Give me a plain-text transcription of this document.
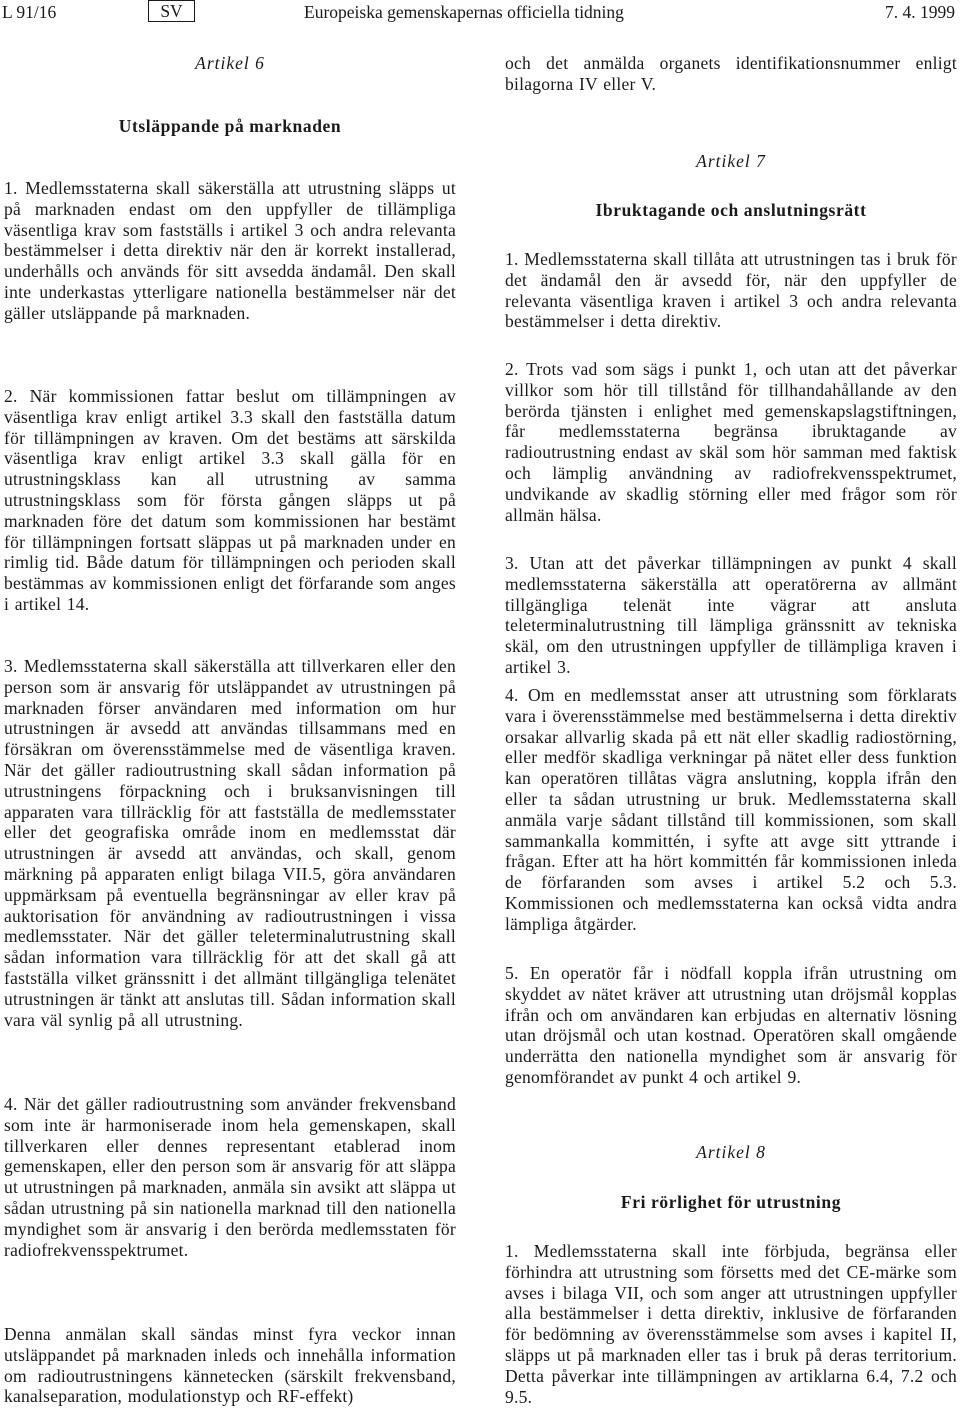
L 91/16	SV	Europeiska gemenskapernas officiella tidning	7. 4. 1999
Artikel 6
Utsläppande på marknaden

1. Medlemsstaterna skall säkerställa att utrustning släpps ut på marknaden endast om den uppfyller de tillämpliga väsentliga krav som fastställs i artikel 3 och andra relevanta bestämmelser i detta direktiv när den är korrekt installerad, underhålls och används för sitt avsedda ändamål. Den skall inte underkastas ytterligare nationella bestämmelser när det gäller utsläppande på marknaden.

2. När kommissionen fattar beslut om tillämpningen av väsentliga krav enligt artikel 3.3 skall den fastställa datum för tillämpningen av kraven. Om det bestäms att särskilda väsentliga krav enligt artikel 3.3 skall gälla för en utrustningsklass kan all utrustning av samma utrustningsklass som för första gången släpps ut på marknaden före det datum som kommissionen har bestämt för tillämpningen fortsatt släppas ut på marknaden under en rimlig tid. Både datum för tillämpningen och perioden skall bestämmas av kommissionen enligt det förfarande som anges i artikel 14.

3. Medlemsstaterna skall säkerställa att tillverkaren eller den person som är ansvarig för utsläppandet av utrustningen på marknaden förser användaren med information om hur utrustningen är avsedd att användas tillsammans med en försäkran om överensstämmelse med de väsentliga kraven. När det gäller radioutrustning skall sådan information på utrustningens förpackning och i bruksanvisningen till apparaten vara tillräcklig för att fastställa de medlemsstater eller det geografiska område inom en medlemsstat där utrustningen är avsedd att användas, och skall, genom märkning på apparaten enligt bilaga VII.5, göra användaren uppmärksam på eventuella begränsningar av eller krav på auktorisation för användning av radioutrustningen i vissa medlemsstater. När det gäller teleterminalutrustning skall sådan information vara tillräcklig för att det skall gå att fastställa vilket gränssnitt i det allmänt tillgängliga telenätet utrustningen är tänkt att anslutas till. Sådan information skall vara väl synlig på all utrustning.

4. När det gäller radioutrustning som använder frekvensband som inte är harmoniserade inom hela gemenskapen, skall tillverkaren eller dennes representant etablerad inom gemenskapen, eller den person som är ansvarig för att släppa ut utrustningen på marknaden, anmäla sin avsikt att släppa ut sådan utrustning på sin nationella marknad till den nationella myndighet som är ansvarig i den berörda medlemsstaten för radiofrekvensspektrumet.

Denna anmälan skall sändas minst fyra veckor innan utsläppandet på marknaden inleds och innehålla information om radioutrustningens kännetecken (särskilt frekvensband, kanalseparation, modulationstyp och RF-effekt)

och det anmälda organets identifikationsnummer enligt bilagorna IV eller V.

Artikel 7
Ibruktagande och anslutningsrätt

1. Medlemsstaterna skall tillåta att utrustningen tas i bruk för det ändamål den är avsedd för, när den uppfyller de relevanta väsentliga kraven i artikel 3 och andra relevanta bestämmelser i detta direktiv.

2. Trots vad som sägs i punkt 1, och utan att det påverkar villkor som hör till tillstånd för tillhandahållande av den berörda tjänsten i enlighet med gemenskapslagstiftningen, får medlemsstaterna begränsa ibruktagande av radioutrustning endast av skäl som hör samman med faktisk och lämplig användning av radiofrekvensspektrumet, undvikande av skadlig störning eller med frågor som rör allmän hälsa.

3. Utan att det påverkar tillämpningen av punkt 4 skall medlemsstaterna säkerställa att operatörerna av allmänt tillgängliga telenät inte vägrar att ansluta teleterminalutrustning till lämpliga gränssnitt av tekniska skäl, om den utrustningen uppfyller de tillämpliga kraven i artikel 3.

4. Om en medlemsstat anser att utrustning som förklarats vara i överensstämmelse med bestämmelserna i detta direktiv orsakar allvarlig skada på ett nät eller skadlig radiostörning, eller medför skadliga verkningar på nätet eller dess funktion kan operatören tillåtas vägra anslutning, koppla ifrån den eller ta sådan utrustning ur bruk. Medlemsstaterna skall anmäla varje sådant tillstånd till kommissionen, som skall sammankalla kommittén, i syfte att avge sitt yttrande i frågan. Efter att ha hört kommittén får kommissionen inleda de förfaranden som avses i artikel 5.2 och 5.3. Kommissionen och medlemsstaterna kan också vidta andra lämpliga åtgärder.

5. En operatör får i nödfall koppla ifrån utrustning om skyddet av nätet kräver att utrustning utan dröjsmål kopplas ifrån och om användaren kan erbjudas en alternativ lösning utan dröjsmål och utan kostnad. Operatören skall omgående underrätta den nationella myndighet som är ansvarig för genomförandet av punkt 4 och artikel 9.

Artikel 8
Fri rörlighet för utrustning

1. Medlemsstaterna skall inte förbjuda, begränsa eller förhindra att utrustning som försetts med det CE-märke som avses i bilaga VII, och som anger att utrustningen uppfyller alla bestämmelser i detta direktiv, inklusive de förfaranden för bedömning av överensstämmelse som avses i kapitel II, släpps ut på marknaden eller tas i bruk på deras territorium. Detta påverkar inte tillämpningen av artiklarna 6.4, 7.2 och 9.5.
